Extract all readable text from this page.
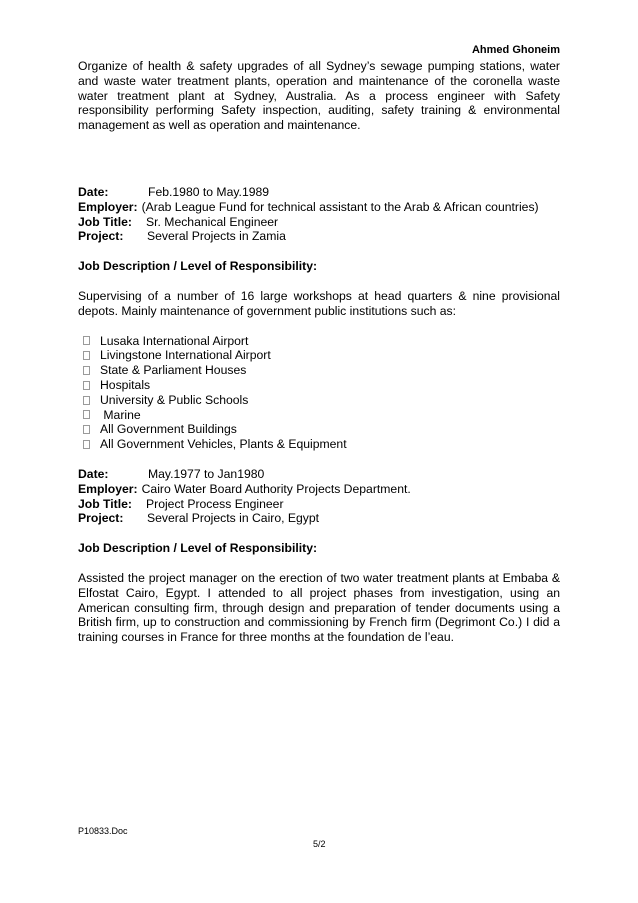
Ahmed Ghoneim

Organize of health & safety upgrades of all Sydney’s sewage pumping stations, water and waste water treatment plants, operation and maintenance of the coronella waste water treatment plant at Sydney, Australia. As a process engineer with Safety responsibility performing Safety inspection, auditing, safety training & environmental management as well as operation and maintenance.

Date:	Feb.1980 to May.1989
Employer: (Arab League Fund for technical assistant to the Arab & African countries)
Job Title:	Sr. Mechanical Engineer
Project:	Several Projects in Zamia

Job Description / Level of Responsibility:

Supervising of a number of 16 large workshops at head quarters & nine provisional depots. Mainly maintenance of government public institutions such as:

Lusaka International Airport
Livingstone International Airport
State & Parliament Houses
Hospitals
University & Public Schools
Marine
All Government Buildings
All Government Vehicles, Plants & Equipment
Date:	May.1977 to Jan1980
Employer: Cairo Water Board Authority Projects Department.
Job Title:	Project Process Engineer
Project:	Several Projects in Cairo, Egypt

Job Description / Level of Responsibility:

Assisted the project manager on the erection of two water treatment plants at Embaba & Elfostat Cairo, Egypt. I attended to all project phases from investigation, using an American consulting firm, through design and preparation of tender documents using a British firm, up to construction and commissioning by French firm (Degrimont Co.) I did a training courses in France for three months at the foundation de l’eau.

P10833.Doc
5/2
